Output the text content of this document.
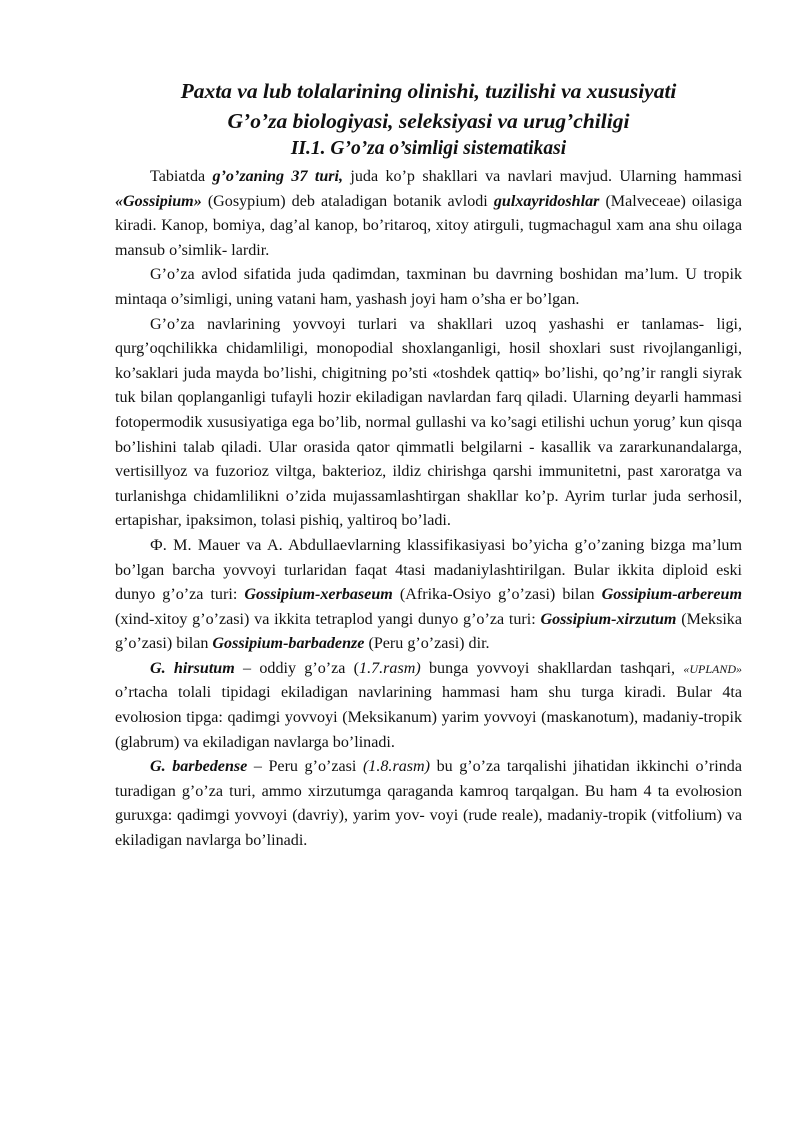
Paxta va lub tolalarining olinishi, tuzilishi va xususiyati
G’o’za biologiyasi, seleksiyasi va urug’chiligi
II.1. G’o’za o’simligi sistematikasi

Tabiatda g’o’zaning 37 turi, juda ko’p shakllari va navlari mavjud. Ularning hammasi «Gossipium» (Gosypium) deb ataladigan botanik avlodi gulxayridoshlar (Malveceae) oilasiga kiradi. Kanop, bomiya, dag’al kanop, bo’ritaroq, xitoy atirguli, tugmachagul xam ana shu oilaga mansub o’simlik- lardir.

G’o’za avlod sifatida juda qadimdan, taxminan bu davrning boshidan ma’lum. U tropik mintaqa o’simligi, uning vatani ham, yashash joyi ham o’sha er bo’lgan.

G’o’za navlarining yovvoyi turlari va shakllari uzoq yashashi er tanlamas- ligi, qurg’oqchilikka chidamliligi, monopodial shoxlanganligi, hosil shoxlari sust rivojlanganligi, ko’saklari juda mayda bo’lishi, chigitning po’sti «toshdek qattiq» bo’lishi, qo’ng’ir rangli siyrak tuk bilan qoplanganligi tufayli hozir ekiladigan navlardan farq qiladi. Ularning deyarli hammasi fotopermodik xususiyatiga ega bo’lib, normal gullashi va ko’sagi etilishi uchun yorug’ kun qisqa bo’lishini talab qiladi. Ular orasida qator qimmatli belgilarni - kasallik va zararkunandalarga, vertisillyoz va fuzorioz viltga, bakterioz, ildiz chirishga qarshi immunitetni, past xaroratga va turlanishga chidamlilikni o’zida mujassamlashtirgan shakllar ko’p. Ayrim turlar juda serhosil, ertapishar, ipaksimon, tolasi pishiq, yaltiroq bo’ladi.

Ф. M. Mauer va A. Abdullaevlarning klassifikasiyasi bo’yicha g’o’zaning bizga ma’lum bo’lgan barcha yovvoyi turlaridan faqat 4tasi madaniylashtirilgan. Bular ikkita diploid eski dunyo g’o’za turi: Gossipium-xerbaseum (Afrika-Osiyo g’o’zasi) bilan Gossipium-arbereum (xind-xitoy g’o’zasi) va ikkita tetraplod yangi dunyo g’o’za turi: Gossipium-xirzutum (Meksika g’o’zasi) bilan Gossipium-barbadenze (Peru g’o’zasi) dir.

G. hirsutum – oddiy g’o’za (1.7.rasm) bunga yovvoyi shakllardan tashqari, «UPLAND» o’rtacha tolali tipidagi ekiladigan navlarining hammasi ham shu turga kiradi. Bular 4ta evolюsion tipga: qadimgi yovvoyi (Meksikanum) yarim yovvoyi (maskanotum), madaniy-tropik (glabrum) va ekiladigan navlarga bo’linadi.

G. barbedense – Peru g’o’zasi (1.8.rasm) bu g’o’za tarqalishi jihatidan ikkinchi o’rinda turadigan g’o’za turi, ammo xirzutumga qaraganda kamroq tarqalgan. Bu ham 4 ta evolюsion guruxga: qadimgi yovvoyi (davriy), yarim yov- voyi (rude reale), madaniy-tropik (vitfolium) va ekiladigan navlarga bo’linadi.
